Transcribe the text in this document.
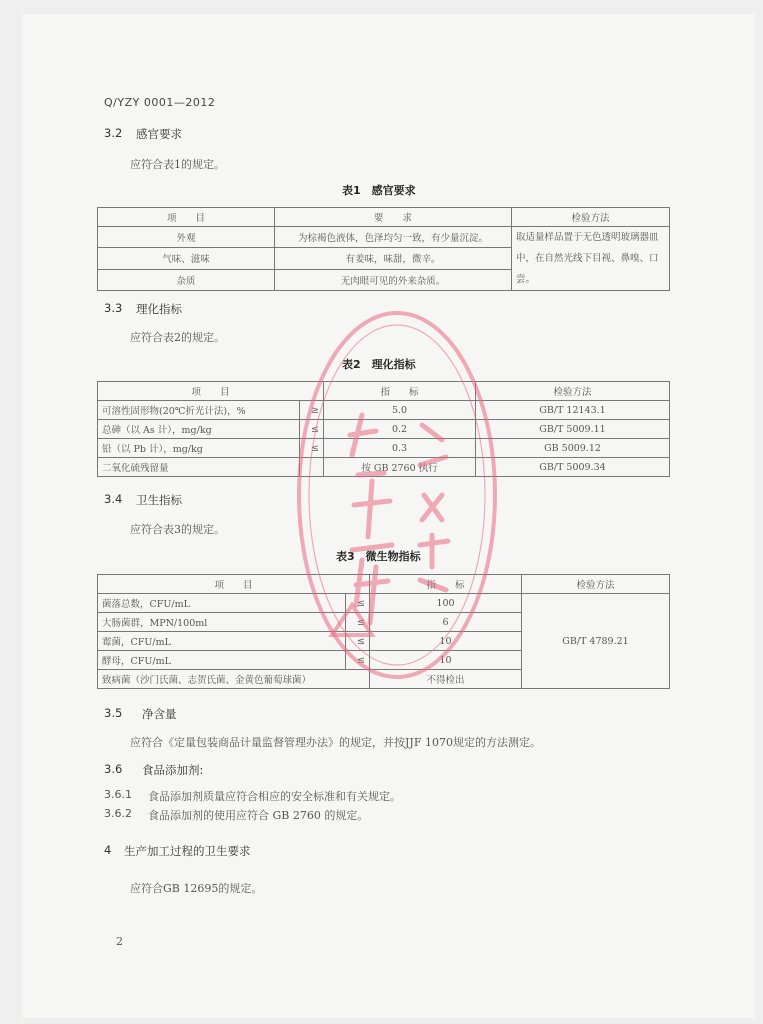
Q/YZY 0001—2012
3.2 感官要求
应符合表1的规定。
表1　感官要求
项　　目	要　　求	检验方法
外观	为棕褐色液体，色泽均匀一致，有少量沉淀。	取适量样品置于无色透明玻璃器皿中，在自然光线下目视、鼻嗅、口尝。
气味、滋味	有姜味，味甜，微辛。	
杂质	无肉眼可见的外来杂质。	
3.3 理化指标
应符合表2的规定。
表2　理化指标
项　　目		指　　标	检验方法
可溶性固形物(20℃折光计法)，%	≥	5.0	GB/T 12143.1
总砷（以 As 计），mg/kg	≤	0.2	GB/T 5009.11
铅（以 Pb 计），mg/kg	≤	0.3	GB 5009.12
二氧化硫残留量		按 GB 2760 执行	GB/T 5009.34
3.4 卫生指标
应符合表3的规定。
表3　微生物指标
项　　目		指　　标	检验方法
菌落总数，CFU/mL	≤	100	GB/T 4789.21
大肠菌群，MPN/100ml	≤	6	
霉菌，CFU/mL	≤	10	
酵母，CFU/mL	≤	10	
致病菌（沙门氏菌、志贺氏菌、金黄色葡萄球菌）		不得检出	
3.5 净含量
应符合《定量包装商品计量监督管理办法》的规定，并按JJF 1070规定的方法测定。
3.6 食品添加剂:
3.6.1 食品添加剂质量应符合相应的安全标准和有关规定。
3.6.2 食品添加剂的使用应符合 GB 2760 的规定。
4 生产加工过程的卫生要求
应符合GB 12695的规定。
2
